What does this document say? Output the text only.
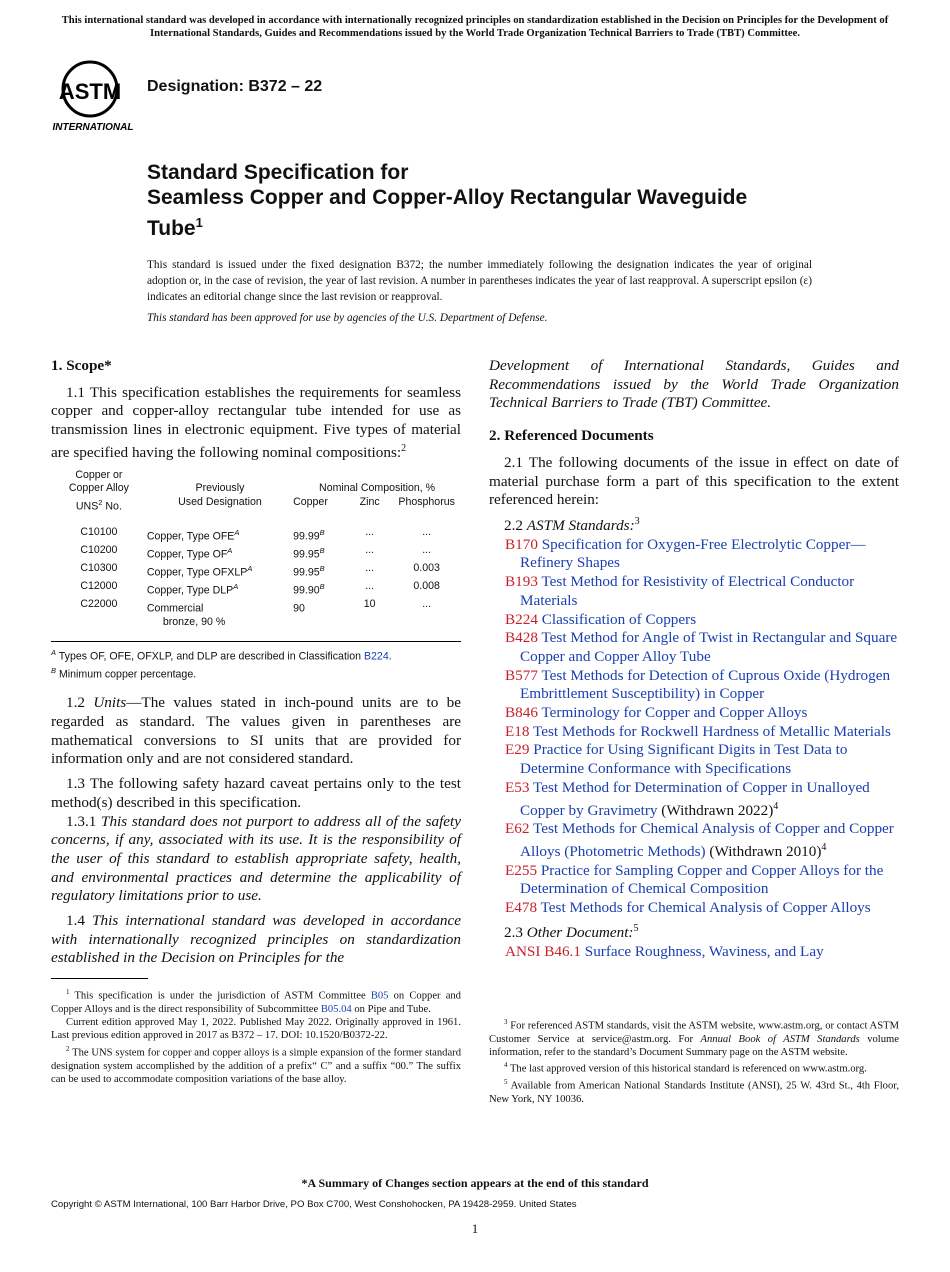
This international standard was developed in accordance with internationally recognized principles on standardization established in the Decision on Principles for the Development of International Standards, Guides and Recommendations issued by the World Trade Organization Technical Barriers to Trade (TBT) Committee.
ASTM
INTERNATIONAL
Designation: B372 – 22
Standard Specification for
Seamless Copper and Copper-Alloy Rectangular Waveguide
Tube$^1$
This standard is issued under the fixed designation B372; the number immediately following the designation indicates the year of original adoption or, in the case of revision, the year of last revision. A number in parentheses indicates the year of last reapproval. A superscript epsilon (ε) indicates an editorial change since the last revision or reapproval.
This standard has been approved for use by agencies of the U.S. Department of Defense.

1. Scope*

1.1 This specification establishes the requirements for seamless copper and copper-alloy rectangular tube intended for use as transmission lines in electronic equipment. Five types of material are specified having the following nominal compositions:$^2$

Copper or				
Copper Alloy	Previously	Nominal Composition, %		
UNS$^2$ No.	Used Designation	Copper	Zinc	Phosphorus

C10100	Copper, Type $OFE^A$	$99.99^B$	...	...
C10200	Copper, Type $OF^A$	$99.95^B$	...	...
C10300	Copper, Type $OFXLP^A$	$99.95^B$	...	0.003
C12000	Copper, Type $DLP^A$	$99.90^B$	...	0.008
C22000	Commercial	90	10	...
	bronze, 90 %			

$^A$ Types OF, OFE, OFXLP, and DLP are described in Classification B224.

$^B$ Minimum copper percentage.

1.2 Units—The values stated in inch-pound units are to be regarded as standard. The values given in parentheses are mathematical conversions to SI units that are provided for information only and are not considered standard.

1.3 The following safety hazard caveat pertains only to the test method(s) described in this specification.

1.3.1 This standard does not purport to address all of the safety concerns, if any, associated with its use. It is the responsibility of the user of this standard to establish appropriate safety, health, and environmental practices and determine the applicability of regulatory limitations prior to use.

1.4 This international standard was developed in accordance with internationally recognized principles on standardization established in the Decision on Principles for the

Development of International Standards, Guides and Recommendations issued by the World Trade Organization Technical Barriers to Trade (TBT) Committee.

2. Referenced Documents

2.1 The following documents of the issue in effect on date of material purchase form a part of this specification to the extent referenced herein:

2.2 ASTM Standards:$^3$

B170 Specification for Oxygen-Free Electrolytic Copper—Refinery Shapes

B193 Test Method for Resistivity of Electrical Conductor Materials

B224 Classification of Coppers

B428 Test Method for Angle of Twist in Rectangular and Square Copper and Copper Alloy Tube

B577 Test Methods for Detection of Cuprous Oxide (Hydrogen Embrittlement Susceptibility) in Copper

B846 Terminology for Copper and Copper Alloys

E18 Test Methods for Rockwell Hardness of Metallic Materials

E29 Practice for Using Significant Digits in Test Data to Determine Conformance with Specifications

E53 Test Method for Determination of Copper in Unalloyed Copper by Gravimetry (Withdrawn 2022)$^4$

E62 Test Methods for Chemical Analysis of Copper and Copper Alloys (Photometric Methods) (Withdrawn 2010)$^4$

E255 Practice for Sampling Copper and Copper Alloys for the Determination of Chemical Composition

E478 Test Methods for Chemical Analysis of Copper Alloys

2.3 Other Document:$^5$

ANSI B46.1 Surface Roughness, Waviness, and Lay

$^1$ This specification is under the jurisdiction of ASTM Committee B05 on Copper and Copper Alloys and is the direct responsibility of Subcommittee B05.04 on Pipe and Tube.

Current edition approved May 1, 2022. Published May 2022. Originally approved in 1961. Last previous edition approved in 2017 as B372 – 17. DOI: 10.1520/B0372-22.

$^2$ The UNS system for copper and copper alloys is a simple expansion of the former standard designation system accomplished by the addition of a prefix“ C” and a suffix “00.” The suffix can be used to accommodate composition variations of the base alloy.

$^3$ For referenced ASTM standards, visit the ASTM website, www.astm.org, or contact ASTM Customer Service at service@astm.org. For Annual Book of ASTM Standards volume information, refer to the standard’s Document Summary page on the ASTM website.

$^4$ The last approved version of this historical standard is referenced on www.astm.org.

$^5$ Available from American National Standards Institute (ANSI), 25 W. 43rd St., 4th Floor, New York, NY 10036.

*A Summary of Changes section appears at the end of this standard
Copyright © ASTM International, 100 Barr Harbor Drive, PO Box C700, West Conshohocken, PA 19428-2959. United States
1
